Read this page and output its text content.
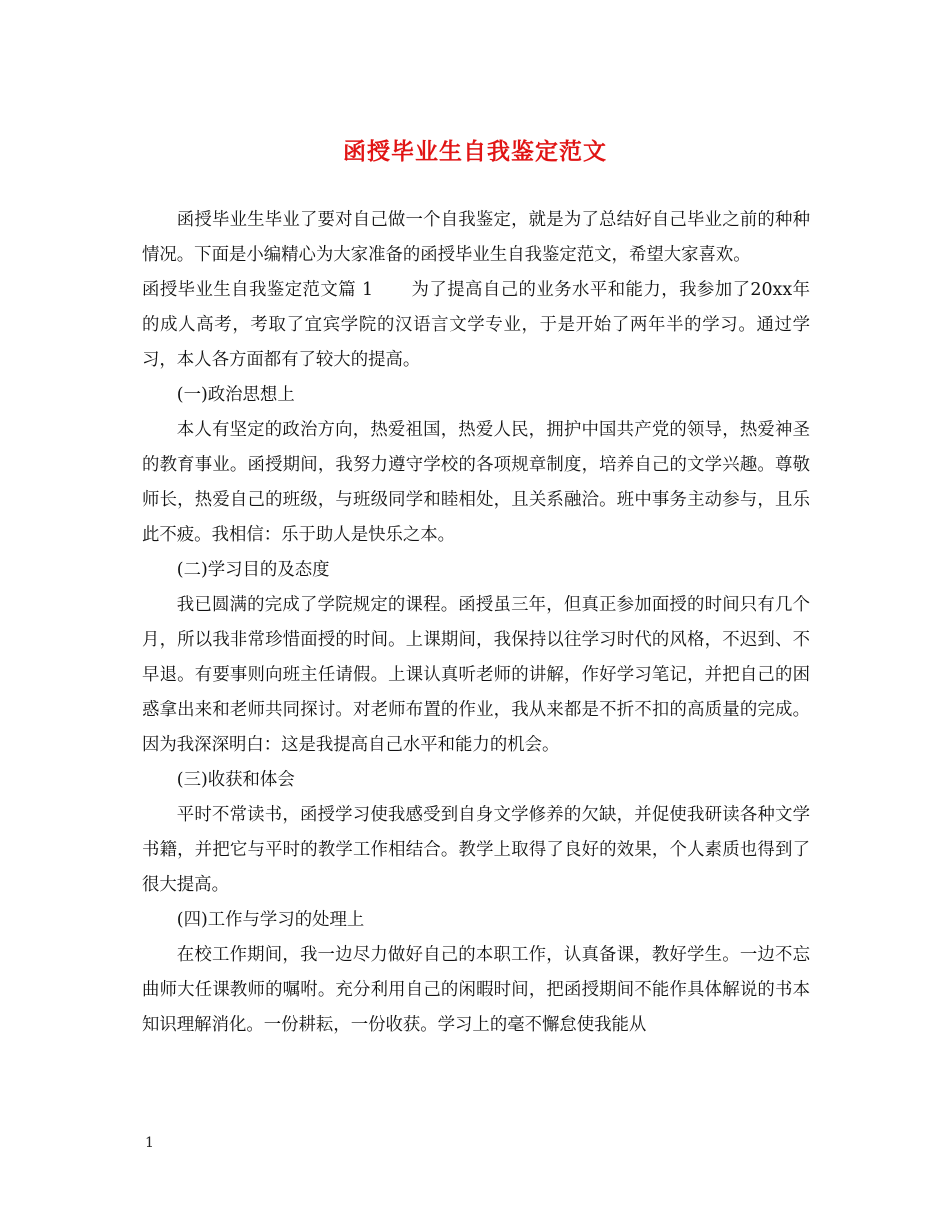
函授毕业生自我鉴定范文

函授毕业生毕业了要对自己做一个自我鉴定，就是为了总结好自己毕业之前的种种情况。下面是小编精心为大家准备的函授毕业生自我鉴定范文，希望大家喜欢。

函授毕业生自我鉴定范文篇 1 为了提高自己的业务水平和能力，我参加了20xx年的成人高考，考取了宜宾学院的汉语言文学专业，于是开始了两年半的学习。通过学习，本人各方面都有了较大的提高。

(一)政治思想上

本人有坚定的政治方向，热爱祖国，热爱人民，拥护中国共产党的领导，热爱神圣的教育事业。函授期间，我努力遵守学校的各项规章制度，培养自己的文学兴趣。尊敬师长，热爱自己的班级，与班级同学和睦相处，且关系融洽。班中事务主动参与，且乐此不疲。我相信：乐于助人是快乐之本。

(二)学习目的及态度

我已圆满的完成了学院规定的课程。函授虽三年，但真正参加面授的时间只有几个月，所以我非常珍惜面授的时间。上课期间，我保持以往学习时代的风格，不迟到、不早退。有要事则向班主任请假。上课认真听老师的讲解，作好学习笔记，并把自己的困惑拿出来和老师共同探讨。对老师布置的作业，我从来都是不折不扣的高质量的完成。因为我深深明白：这是我提高自己水平和能力的机会。

(三)收获和体会

平时不常读书，函授学习使我感受到自身文学修养的欠缺，并促使我研读各种文学书籍，并把它与平时的教学工作相结合。教学上取得了良好的效果，个人素质也得到了很大提高。

(四)工作与学习的处理上

在校工作期间，我一边尽力做好自己的本职工作，认真备课，教好学生。一边不忘曲师大任课教师的嘱咐。充分利用自己的闲暇时间，把函授期间不能作具体解说的书本知识理解消化。一份耕耘，一份收获。学习上的毫不懈怠使我能从

1
